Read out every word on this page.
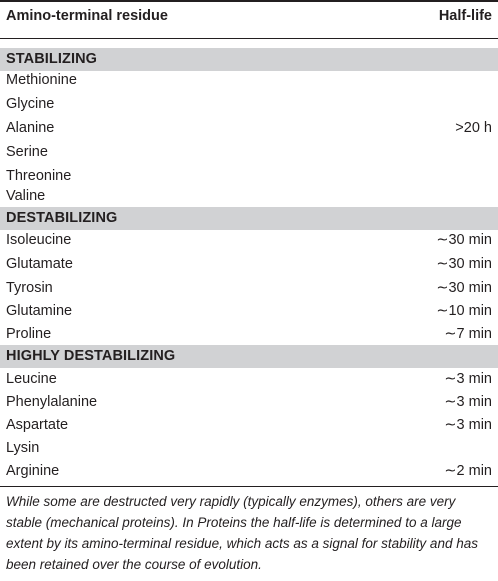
Amino-terminal residue	Half-life
STABILIZING
Methionine
Glycine
Alanine	>20 h
Serine
Threonine
Valine
DESTABILIZING
Isoleucine	∼30 min
Glutamate	∼30 min
Tyrosin	∼30 min
Glutamine	∼10 min
Proline	∼7 min
HIGHLY DESTABILIZING
Leucine	∼3 min
Phenylalanine	∼3 min
Aspartate	∼3 min
Lysin
Arginine	∼2 min
While some are destructed very rapidly (typically enzymes), others are very stable (mechanical proteins). In Proteins the half-life is determined to a large extent by its amino-terminal residue, which acts as a signal for stability and has been retained over the course of evolution.
